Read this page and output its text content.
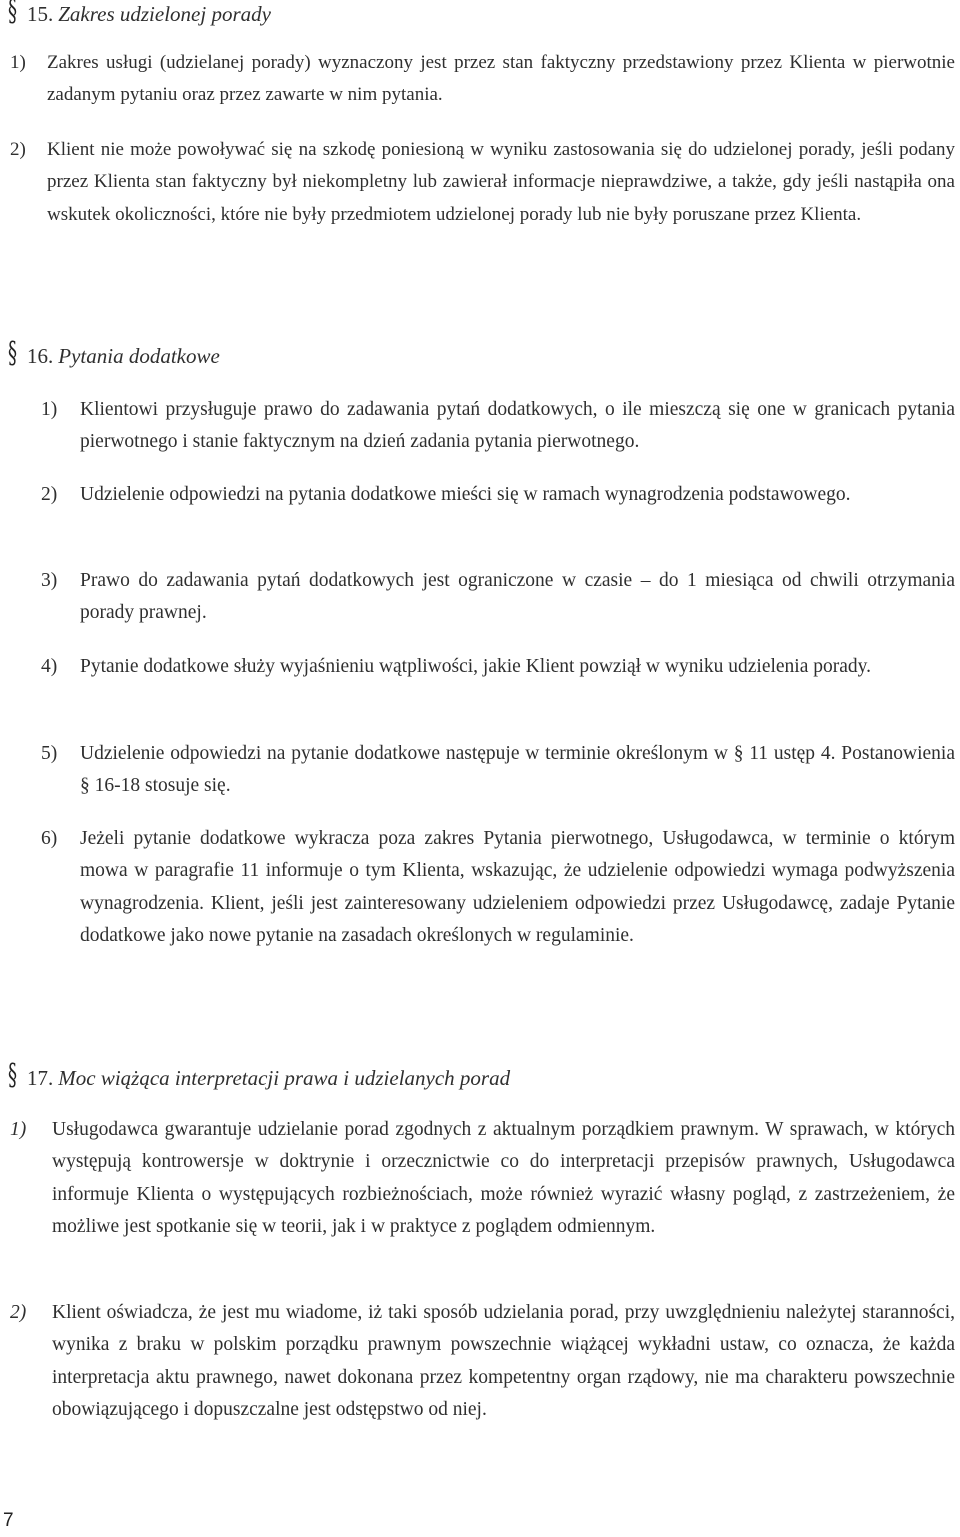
§ 15. Zakres udzielonej porady
1) Zakres usługi (udzielanej porady) wyznaczony jest przez stan faktyczny przedstawiony przez Klienta w pierwotnie zadanym pytaniu oraz przez zawarte w nim pytania.
2) Klient nie może powoływać się na szkodę poniesioną w wyniku zastosowania się do udzielonej porady, jeśli podany przez Klienta stan faktyczny był niekompletny lub zawierał informacje nieprawdziwe, a także, gdy jeśli nastąpiła ona wskutek okoliczności, które nie były przedmiotem udzielonej porady lub nie były poruszane przez Klienta.
§ 16. Pytania dodatkowe
1) Klientowi przysługuje prawo do zadawania pytań dodatkowych, o ile mieszczą się one w granicach pytania pierwotnego i stanie faktycznym na dzień zadania pytania pierwotnego.
2) Udzielenie odpowiedzi na pytania dodatkowe mieści się w ramach wynagrodzenia podstawowego.
3) Prawo do zadawania pytań dodatkowych jest ograniczone w czasie – do 1 miesiąca od chwili otrzymania porady prawnej.
4) Pytanie dodatkowe służy wyjaśnieniu wątpliwości, jakie Klient powziął w wyniku udzielenia porady.
5) Udzielenie odpowiedzi na pytanie dodatkowe następuje w terminie określonym w § 11 ustęp 4. Postanowienia § 16-18 stosuje się.
6) Jeżeli pytanie dodatkowe wykracza poza zakres Pytania pierwotnego, Usługodawca, w terminie o którym mowa w paragrafie 11 informuje o tym Klienta, wskazując, że udzielenie odpowiedzi wymaga podwyższenia wynagrodzenia. Klient, jeśli jest zainteresowany udzieleniem odpowiedzi przez Usługodawcę, zadaje Pytanie dodatkowe jako nowe pytanie na zasadach określonych w regulaminie.
§ 17. Moc wiążąca interpretacji prawa i udzielanych porad
1) Usługodawca gwarantuje udzielanie porad zgodnych z aktualnym porządkiem prawnym. W sprawach, w których występują kontrowersje w doktrynie i orzecznictwie co do interpretacji przepisów prawnych, Usługodawca informuje Klienta o występujących rozbieżnościach, może również wyrazić własny pogląd, z zastrzeżeniem, że możliwe jest spotkanie się w teorii, jak i w praktyce z poglądem odmiennym.
2) Klient oświadcza, że jest mu wiadome, iż taki sposób udzielania porad, przy uwzględnieniu należytej staranności, wynika z braku w polskim porządku prawnym powszechnie wiążącej wykładni ustaw, co oznacza, że każda interpretacja aktu prawnego, nawet dokonana przez kompetentny organ rządowy, nie ma charakteru powszechnie obowiązującego i dopuszczalne jest odstępstwo od niej.
7
